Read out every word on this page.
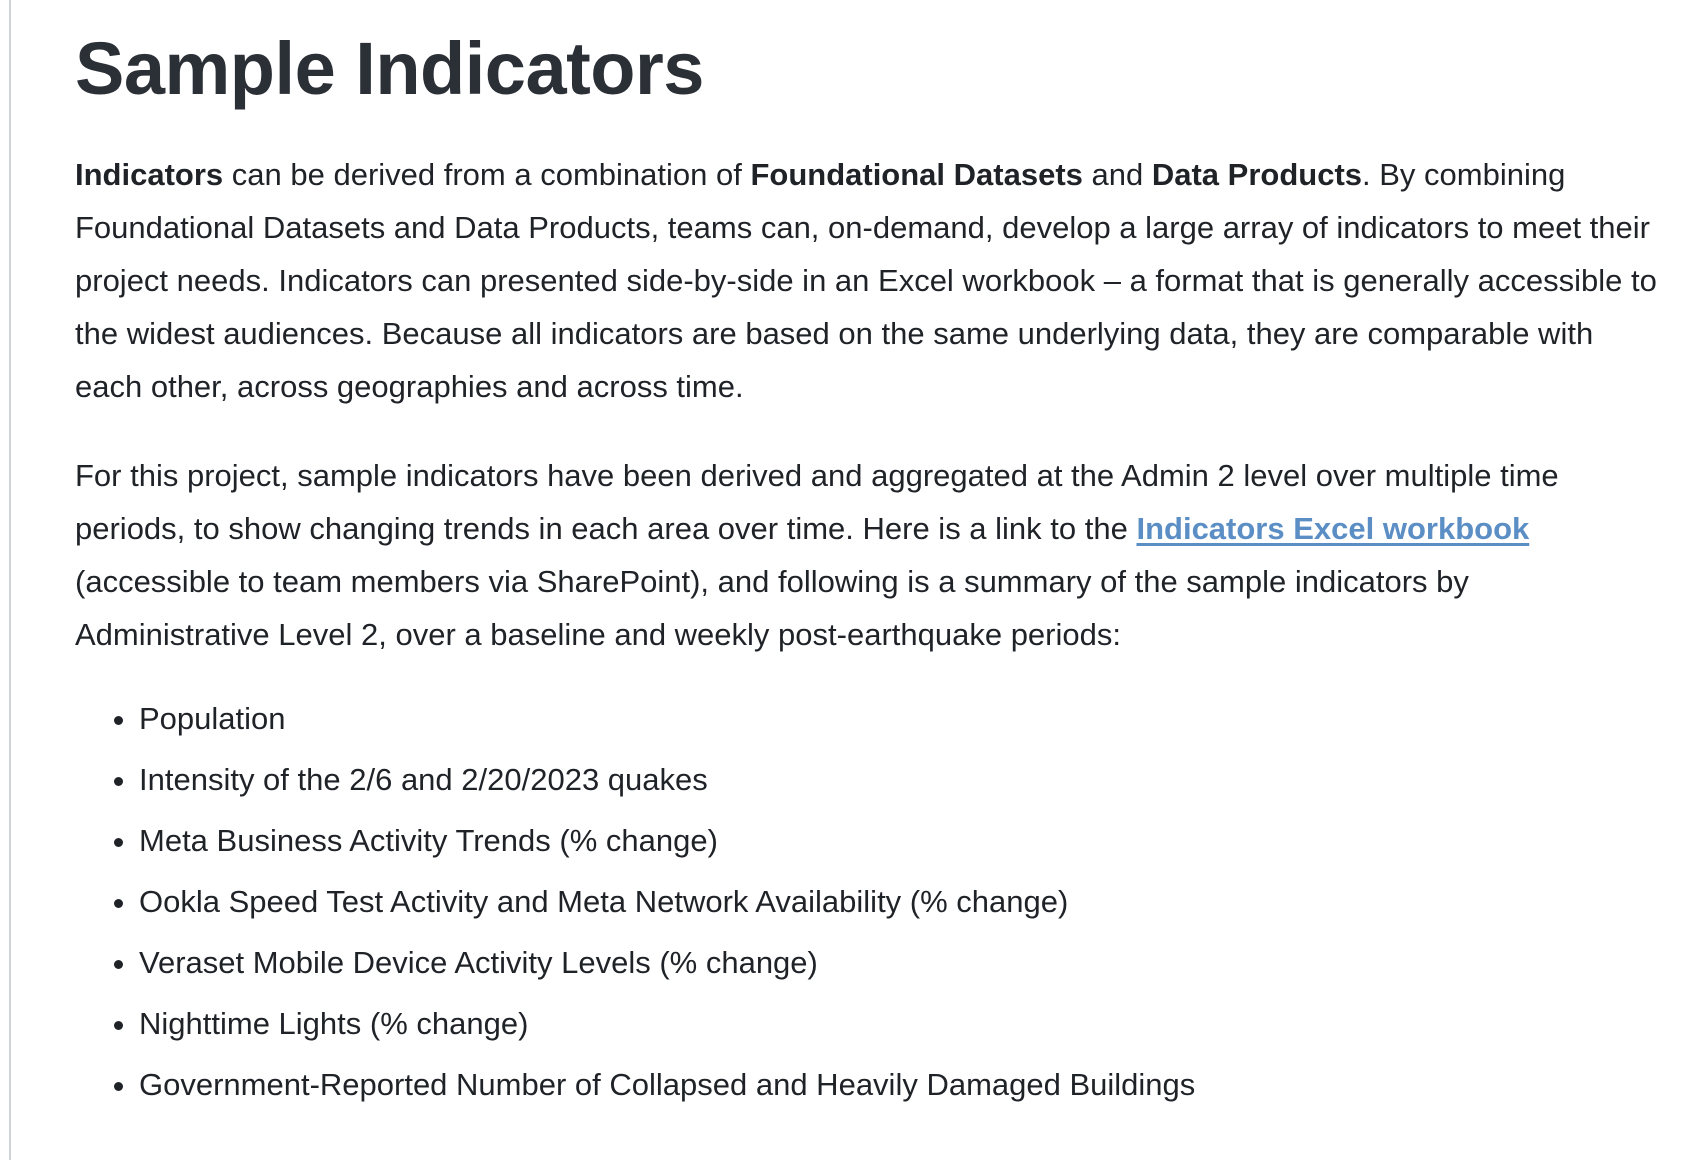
Sample Indicators

Indicators can be derived from a combination of Foundational Datasets and Data Products. By combining Foundational Datasets and Data Products, teams can, on-demand, develop a large array of indicators to meet their project needs. Indicators can presented side-by-side in an Excel workbook – a format that is generally accessible to the widest audiences. Because all indicators are based on the same underlying data, they are comparable with each other, across geographies and across time.

For this project, sample indicators have been derived and aggregated at the Admin 2 level over multiple time periods, to show changing trends in each area over time. Here is a link to the Indicators Excel workbook (accessible to team members via SharePoint), and following is a summary of the sample indicators by Administrative Level 2, over a baseline and weekly post-earthquake periods:

• Population
• Intensity of the 2/6 and 2/20/2023 quakes
• Meta Business Activity Trends (% change)
• Ookla Speed Test Activity and Meta Network Availability (% change)
• Veraset Mobile Device Activity Levels (% change)
• Nighttime Lights (% change)
• Government-Reported Number of Collapsed and Heavily Damaged Buildings
